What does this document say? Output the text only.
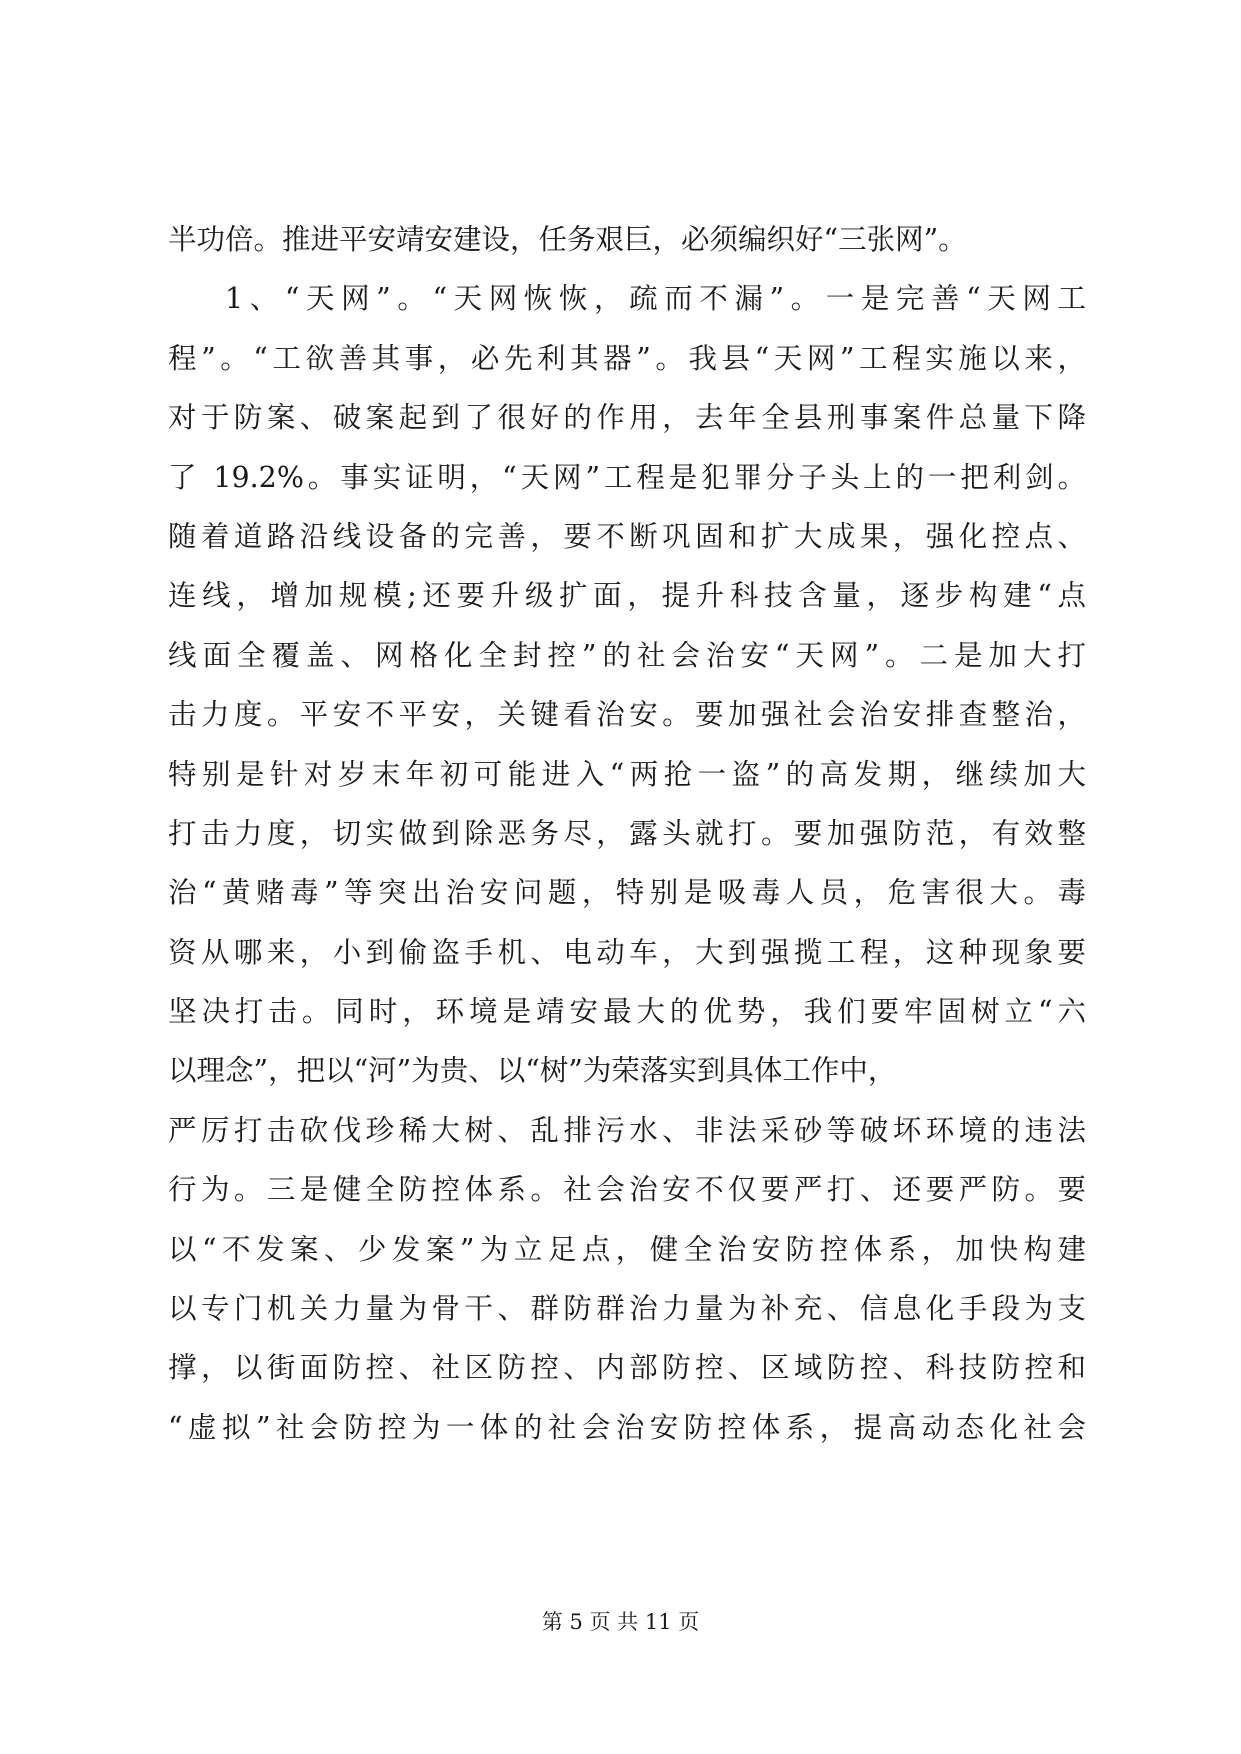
半功倍。推进平安靖安建设，任务艰巨，必须编织好“三张网”。
1、“天网”。“天网恢恢，疏而不漏”。一是完善“天网工
程”。“工欲善其事，必先利其器”。我县“天网”工程实施以来，
对于防案、破案起到了很好的作用，去年全县刑事案件总量下降
了 19.2%。事实证明，“天网”工程是犯罪分子头上的一把利剑。
随着道路沿线设备的完善，要不断巩固和扩大成果，强化控点、
连线，增加规模;还要升级扩面，提升科技含量，逐步构建“点
线面全覆盖、网格化全封控”的社会治安“天网”。二是加大打
击力度。平安不平安，关键看治安。要加强社会治安排查整治，
特别是针对岁末年初可能进入“两抢一盗”的高发期，继续加大
打击力度，切实做到除恶务尽，露头就打。要加强防范，有效整
治“黄赌毒”等突出治安问题，特别是吸毒人员，危害很大。毒
资从哪来，小到偷盗手机、电动车，大到强揽工程，这种现象要
坚决打击。同时，环境是靖安最大的优势，我们要牢固树立“六
以理念”，把以“河”为贵、以“树”为荣落实到具体工作中，
严厉打击砍伐珍稀大树、乱排污水、非法采砂等破坏环境的违法
行为。三是健全防控体系。社会治安不仅要严打、还要严防。要
以“不发案、少发案”为立足点，健全治安防控体系，加快构建
以专门机关力量为骨干、群防群治力量为补充、信息化手段为支
撑，以街面防控、社区防控、内部防控、区域防控、科技防控和
“虚拟”社会防控为一体的社会治安防控体系，提高动态化社会
第 5 页 共 11 页
